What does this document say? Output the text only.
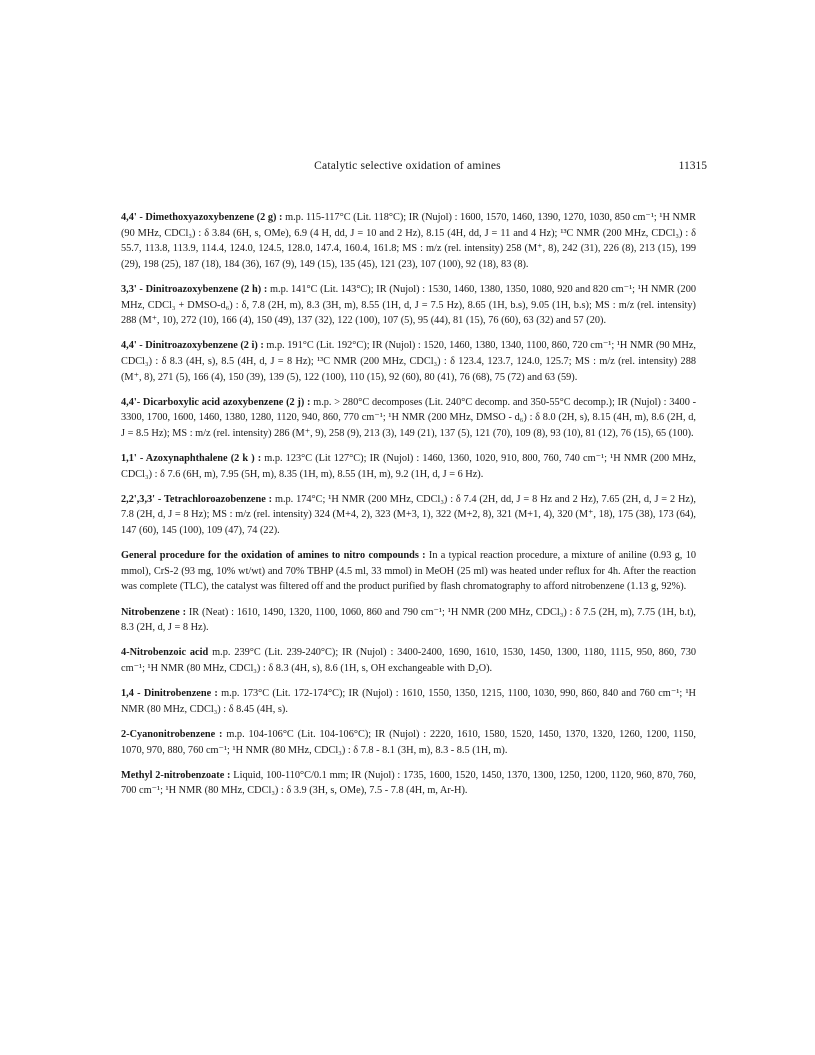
Catalytic selective oxidation of amines	11315

4,4' - Dimethoxyazoxybenzene (2 g) : m.p. 115-117°C (Lit. 118°C); IR (Nujol) : 1600, 1570, 1460, 1390, 1270, 1030, 850 cm⁻¹; ¹H NMR (90 MHz, CDCl₃) : δ 3.84 (6H, s, OMe), 6.9 (4 H, dd, J = 10 and 2 Hz), 8.15 (4H, dd, J = 11 and 4 Hz); ¹³C NMR (200 MHz, CDCl₃) : δ 55.7, 113.8, 113.9, 114.4, 124.0, 124.5, 128.0, 147.4, 160.4, 161.8; MS : m/z (rel. intensity) 258 (M⁺, 8), 242 (31), 226 (8), 213 (15), 199 (29), 198 (25), 187 (18), 184 (36), 167 (9), 149 (15), 135 (45), 121 (23), 107 (100), 92 (18), 83 (8).

3,3' - Dinitroazoxybenzene (2 h) : m.p. 141°C (Lit. 143°C); IR (Nujol) : 1530, 1460, 1380, 1350, 1080, 920 and 820 cm⁻¹; ¹H NMR (200 MHz, CDCl₃ + DMSO-d₆) : δ, 7.8 (2H, m), 8.3 (3H, m), 8.55 (1H, d, J = 7.5 Hz), 8.65 (1H, b.s), 9.05 (1H, b.s); MS : m/z (rel. intensity) 288 (M⁺, 10), 272 (10), 166 (4), 150 (49), 137 (32), 122 (100), 107 (5), 95 (44), 81 (15), 76 (60), 63 (32) and 57 (20).

4,4' - Dinitroazoxybenzene (2 i) : m.p. 191°C (Lit. 192°C); IR (Nujol) : 1520, 1460, 1380, 1340, 1100, 860, 720 cm⁻¹; ¹H NMR (90 MHz, CDCl₃) : δ 8.3 (4H, s), 8.5 (4H, d, J = 8 Hz); ¹³C NMR (200 MHz, CDCl₃) : δ 123.4, 123.7, 124.0, 125.7; MS : m/z (rel. intensity) 288 (M⁺, 8), 271 (5), 166 (4), 150 (39), 139 (5), 122 (100), 110 (15), 92 (60), 80 (41), 76 (68), 75 (72) and 63 (59).

4,4'- Dicarboxylic acid azoxybenzene (2 j) : m.p. > 280°C decomposes (Lit. 240°C decomp. and 350-55°C decomp.); IR (Nujol) : 3400 - 3300, 1700, 1600, 1460, 1380, 1280, 1120, 940, 860, 770 cm⁻¹; ¹H NMR (200 MHz, DMSO - d₆) : δ 8.0 (2H, s), 8.15 (4H, m), 8.6 (2H, d, J = 8.5 Hz); MS : m/z (rel. intensity) 286 (M⁺, 9), 258 (9), 213 (3), 149 (21), 137 (5), 121 (70), 109 (8), 93 (10), 81 (12), 76 (15), 65 (100).

1,1' - Azoxynaphthalene (2 k ) : m.p. 123°C (Lit 127°C); IR (Nujol) : 1460, 1360, 1020, 910, 800, 760, 740 cm⁻¹; ¹H NMR (200 MHz, CDCl₃) : δ 7.6 (6H, m), 7.95 (5H, m), 8.35 (1H, m), 8.55 (1H, m), 9.2 (1H, d, J = 6 Hz).

2,2',3,3' - Tetrachloroazobenzene : m.p. 174°C; ¹H NMR (200 MHz, CDCl₃) : δ 7.4 (2H, dd, J = 8 Hz and 2 Hz), 7.65 (2H, d, J = 2 Hz), 7.8 (2H, d, J = 8 Hz); MS : m/z (rel. intensity) 324 (M+4, 2), 323 (M+3, 1), 322 (M+2, 8), 321 (M+1, 4), 320 (M⁺, 18), 175 (38), 173 (64), 147 (60), 145 (100), 109 (47), 74 (22).

General procedure for the oxidation of amines to nitro compounds : In a typical reaction procedure, a mixture of aniline (0.93 g, 10 mmol), CrS-2 (93 mg, 10% wt/wt) and 70% TBHP (4.5 ml, 33 mmol) in MeOH (25 ml) was heated under reflux for 4h. After the reaction was complete (TLC), the catalyst was filtered off and the product purified by flash chromatography to afford nitrobenzene (1.13 g, 92%).

Nitrobenzene : IR (Neat) : 1610, 1490, 1320, 1100, 1060, 860 and 790 cm⁻¹; ¹H NMR (200 MHz, CDCl₃) : δ 7.5 (2H, m), 7.75 (1H, b.t), 8.3 (2H, d, J = 8 Hz).

4-Nitrobenzoic acid m.p. 239°C (Lit. 239-240°C); IR (Nujol) : 3400-2400, 1690, 1610, 1530, 1450, 1300, 1180, 1115, 950, 860, 730 cm⁻¹; ¹H NMR (80 MHz, CDCl₃) : δ 8.3 (4H, s), 8.6 (1H, s, OH exchangeable with D₂O).

1,4 - Dinitrobenzene : m.p. 173°C (Lit. 172-174°C); IR (Nujol) : 1610, 1550, 1350, 1215, 1100, 1030, 990, 860, 840 and 760 cm⁻¹; ¹H NMR (80 MHz, CDCl₃) : δ 8.45 (4H, s).

2-Cyanonitrobenzene : m.p. 104-106°C (Lit. 104-106°C); IR (Nujol) : 2220, 1610, 1580, 1520, 1450, 1370, 1320, 1260, 1200, 1150, 1070, 970, 880, 760 cm⁻¹; ¹H NMR (80 MHz, CDCl₃) : δ 7.8 - 8.1 (3H, m), 8.3 - 8.5 (1H, m).

Methyl 2-nitrobenzoate : Liquid, 100-110°C/0.1 mm; IR (Nujol) : 1735, 1600, 1520, 1450, 1370, 1300, 1250, 1200, 1120, 960, 870, 760, 700 cm⁻¹; ¹H NMR (80 MHz, CDCl₃) : δ 3.9 (3H, s, OMe), 7.5 - 7.8 (4H, m, Ar-H).
